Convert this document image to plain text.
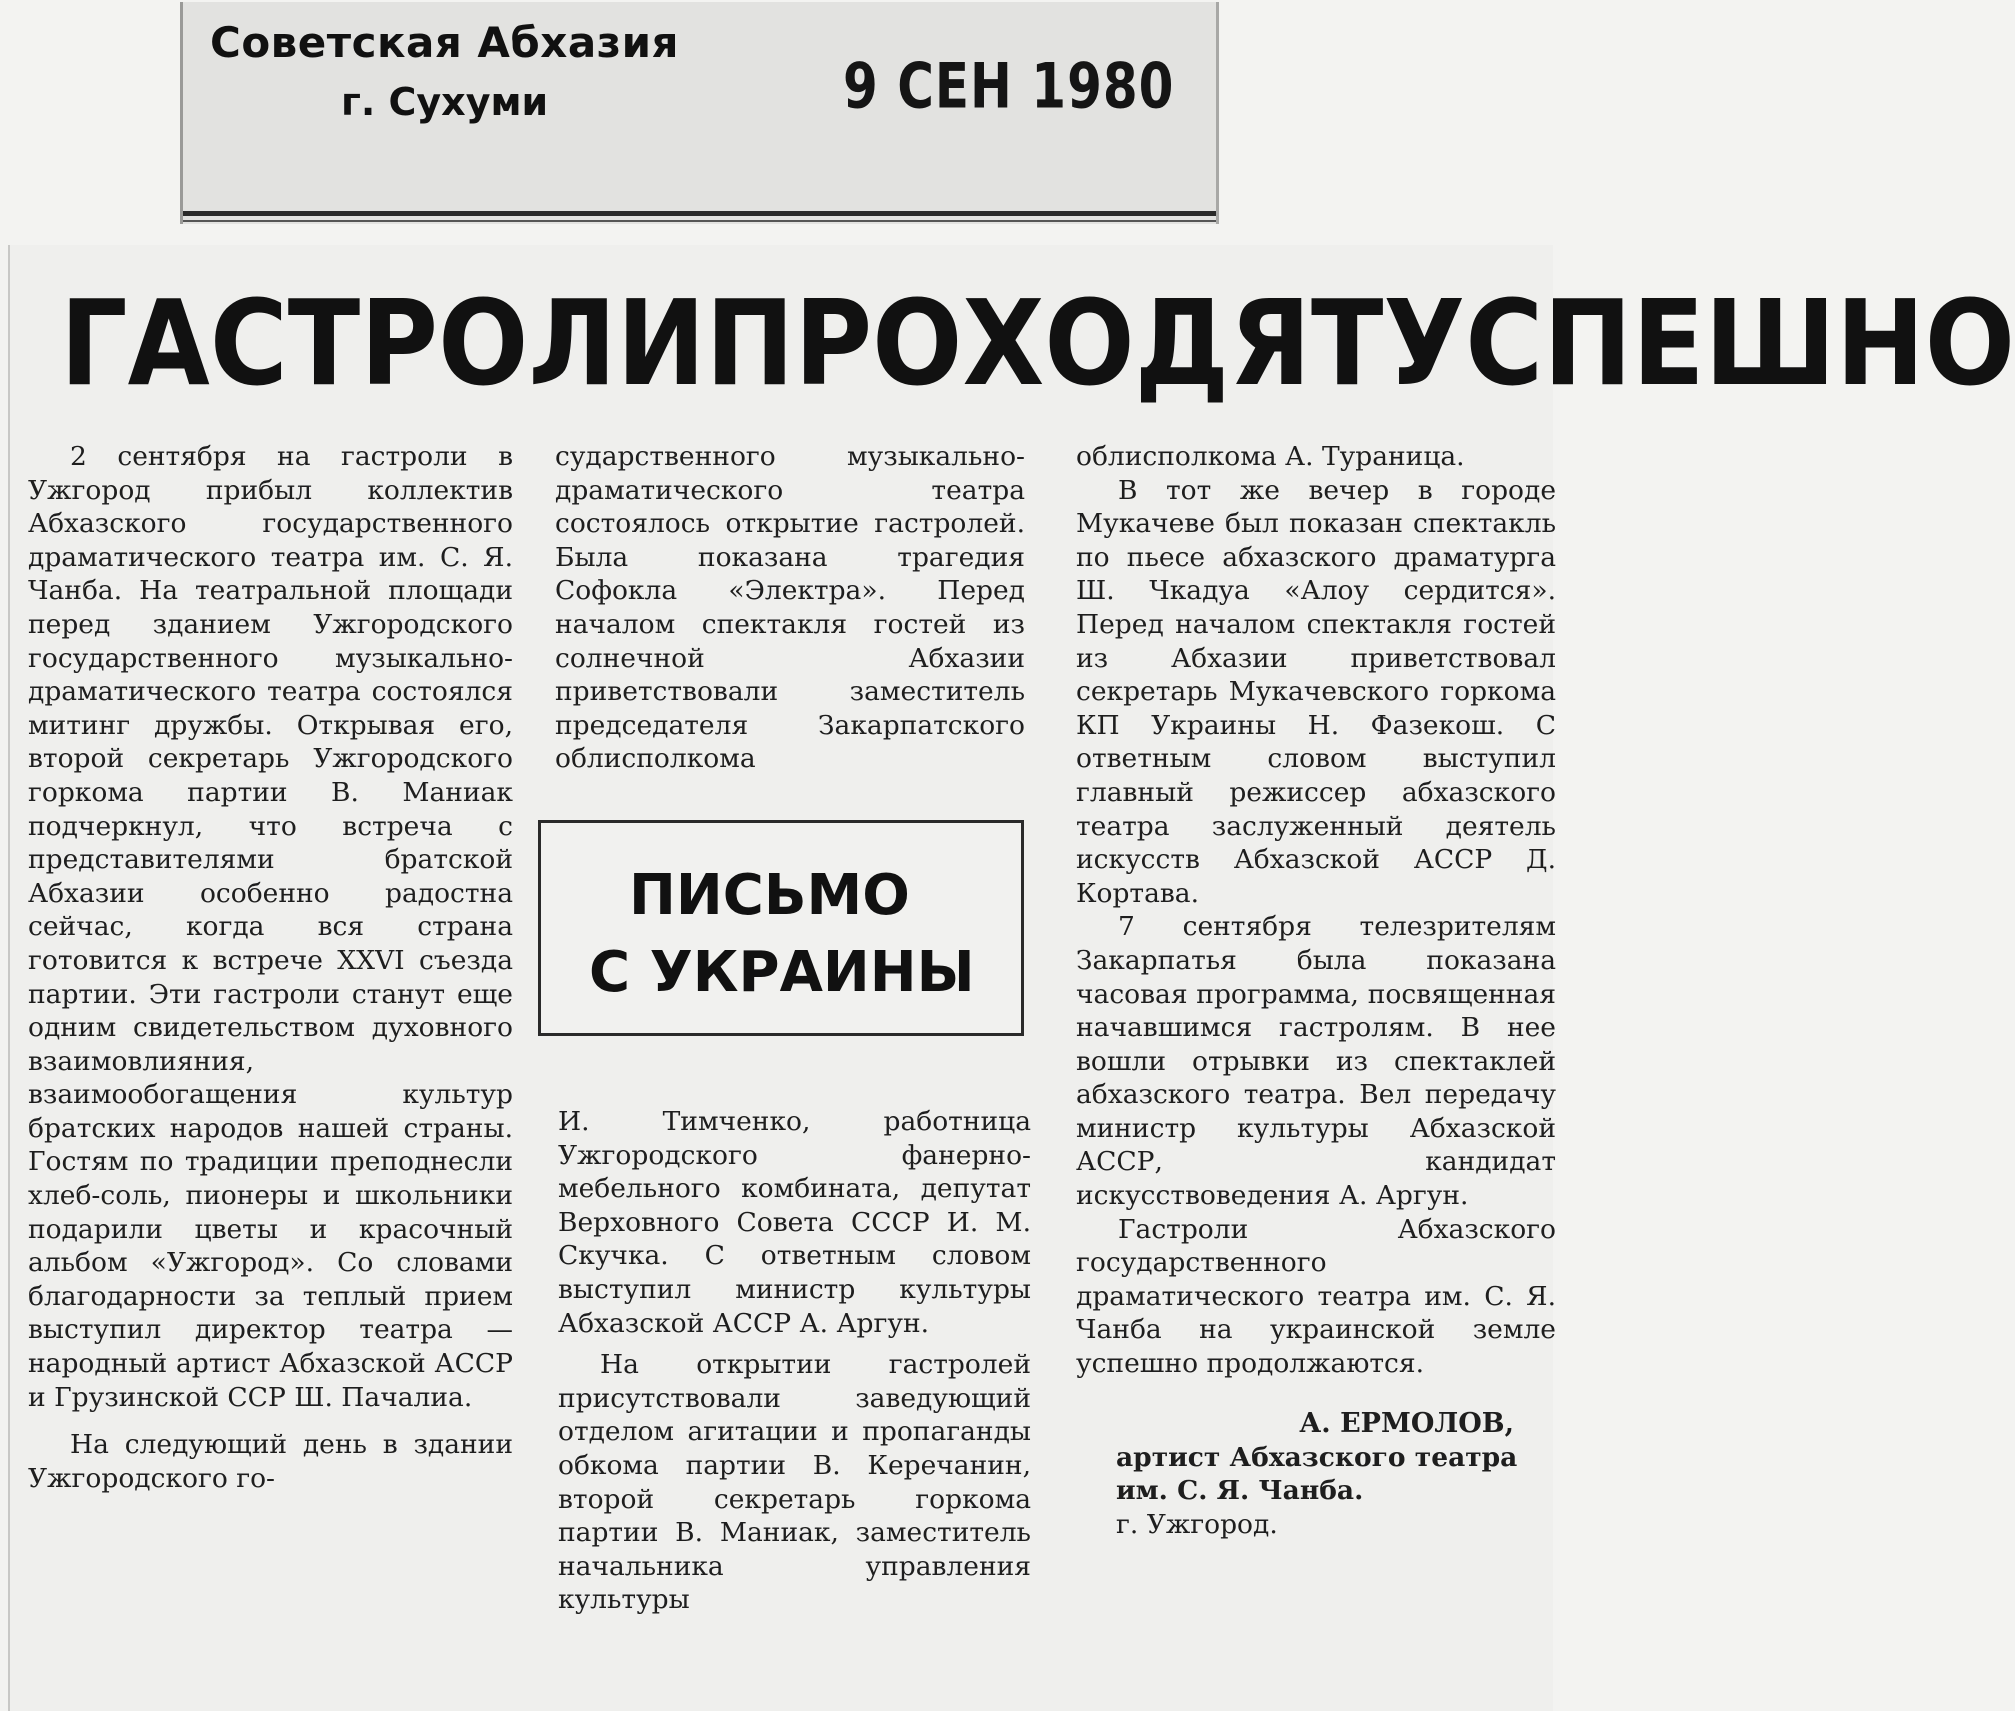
Советская Абхазия
г. Сухуми	9 СЕН 1980
ГАСТРОЛИ ПРОХОДЯТ УСПЕШНО

2 сентября на гастроли в Ужгород прибыл коллектив Абхазского государственного драматического театра им. С. Я. Чанба. На театральной площади перед зданием Ужгородского государственного музыкально-драматического театра состоялся митинг дружбы. Открывая его, второй секретарь Ужгородского горкома партии В. Маниак подчеркнул, что встреча с представителями братской Абхазии особенно радостна сейчас, когда вся страна готовится к встрече XXVI съезда партии. Эти гастроли станут еще одним свидетельством духовного взаимовлияния, взаимообогащения культур братских народов нашей страны. Гостям по традиции преподнесли хлеб-соль, пионеры и школьники подарили цветы и красочный альбом «Ужгород». Со словами благодарности за теплый прием выступил директор театра — народный артист Абхазской АССР и Грузинской ССР Ш. Пачалиа.

На следующий день в здании Ужгородского го-

сударственного музыкально-драматического театра состоялось открытие гастролей. Была показана трагедия Софокла «Электра». Перед началом спектакля гостей из солнечной Абхазии приветствовали заместитель председателя Закарпатского облисполкома

ПИСЬМО
С УКРАИНЫ

И. Тимченко, работница Ужгородского фанерно-мебельного комбината, депутат Верховного Совета СССР И. М. Скучка. С ответным словом выступил министр культуры Абхазской АССР А. Аргун.

На открытии гастролей присутствовали заведующий отделом агитации и пропаганды обкома партии В. Керечанин, второй секретарь горкома партии В. Маниак, заместитель начальника управления культуры

облисполкома А. Тураница.

В тот же вечер в городе Мукачеве был показан спектакль по пьесе абхазского драматурга Ш. Чкадуа «Алоу сердится». Перед началом спектакля гостей из Абхазии приветствовал секретарь Мукачевского горкома КП Украины Н. Фазекош. С ответным словом выступил главный режиссер абхазского театра заслуженный деятель искусств Абхазской АССР Д. Кортава.

7 сентября телезрителям Закарпатья была показана часовая программа, посвященная начавшимся гастролям. В нее вошли отрывки из спектаклей абхазского театра. Вел передачу министр культуры Абхазской АССР, кандидат искусствоведения А. Аргун.

Гастроли Абхазского государственного драматического театра им. С. Я. Чанба на украинской земле успешно продолжаются.

А. ЕРМОЛОВ,
артист Абхазского театра им. С. Я. Чанба.
г. Ужгород.
